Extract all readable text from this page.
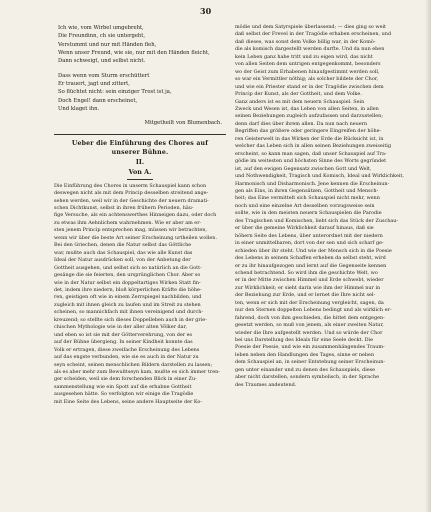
30
Ich wie, vom Wirbel umgebreht,
Die Freundinn, ch sie untergeht,
Verstummt und nur mit Händen fleh,
Wenn unser Freund, wie sie, nur mit den Händen fleicht,
Dann schweigt, und selbst nicht.
Dass wenn vom Sturm erschüttert
Er trauert, jagt und zittert,
So flüchtet nicht: sein einziger Trost ist ja,
Doch Engel! dann erscheinet,
Und klaget ihn.
Mitgetheilt von Blumenbach.
Ueber die Einführung des Chores auf
unserer Bühne.
II.
Von A.
Die Einführung des Chores in unserm Schauspiel kann schon
deswegen nicht als mit dem Princip desselben streitend ange-
sehen werden, weil wir in der Geschichte der neuern dramati-
schen Dichtkunst, selbst in ihren frühern Perioden, häu-
fige Versuche, als ein achtenswerthes Hinneigen dazu, oder doch
zu etwas ihm Aehnlichem wahrnehmen. Wie er aber am er-
sten jenem Princip entsprechen mag, müssen wir betrachten,
wenn wir über die beste Art seiner Erscheinung urtheilen wollen.
Bei den Griechen, denen die Natur selbst das Göttliche
war, mußte auch das Schauspiel, das wie alle Kunst das
Ideal der Natur ausdrücken soll, von der Anbetung der
Gottheit ausgehen, und selbst sich so natürlich an die Gott-
gesänge die sie feierten, den ursprünglichen Chor. Aber so
wie in der Natur selbst ein doppeltartiges Wirken Statt fin-
det, indem ihre niedern, bloß körperlichen Kräfte die höhe-
ren, geistigen oft wie in einem Zerrspiegel nachbilden, und
zugleich mit ihnen gleich zu laufen und im Streit zu stehen
scheinen, so mannichfach mit ihnen vereinigend und durch-
kreuzend; so stellte sich dieses Doppelleben auch in der grie-
chischen Mythologie wie in der aller alten Völker dar,
und eben so ist sie mit der Götterverehrung, von der es
auf der Bühne übergieng. In seiner Kindheit konnte das
Volk er ertragen, diese zweifache Erscheinung des Lebens
auf das engste verbunden, wie sie es auch in der Natur zu
seyn scheint, seinen menschlichen Bildern darstellen zu lassen;
als es aber mehr zum Bewußtseyn kam, mußte es sich immer tren-
ger scheiden, weil sie dem forschenden Blick in einer Zu-
sammenstellung wie ein Spott auf die erhabne Gottheit
ausgesehen hätte. So verfolgten wir einige die Tragödie
mit Eine Seite des Lebens, seine andere Hauptseite der Ko-
mödie und dem Satyrspiele überlassend; — dies ging so weit
daß selbst der Frevel in der Tragödie erhaben erscheinen, und
daß dieses, was sonst dem Volke billig war, in der Komö-
die als komisch dargestellt werden durfte. Und da nun eben
kein Leben ganz habe tritt und zu eigen wird, das nicht
von allen Seiten dem untrigen entgegenkommt, besonders
wo der Geist zum Erhabenen hinaufgestimmt werden soll,
so war ein Vermittler nöthig; als solcher bildete der Chor,
und wie ein Priester stand er in der Tragödie zwischen dem
Princip der Kunst, als der Gottheit, und dem Volke.
Ganz anders ist es mit dem neuern Schauspiel. Sein
Zweck und Wesen ist, das Leben von allen Seiten, in allen
seinen Beziehungen zugleich aufzufassen und darzustellen;
denn darf dies über ihrem allen. Da nun nach neuern
Begriffen das größere oder geringere Eingreifen der höhe-
ren Geisterwelt in das Wirken der Erde die Rücksicht ist, in
welcher das Leben sich in allen seinen Beziehungen zweiseitig
erscheint, so kann man sagen, daß unser Schauspiel auf Tra-
gödie im weitesten und höchsten Sinne des Worts gegründet
ist, auf den ewigen Gegensatz zwischen Gott und Welt,
und Nothwendigkeit, Tragisch und Komisch, Ideal und Wirklichkeit,
Harmonisch und Disharmonisch. Jene kennen die Erscheinun-
gen als Eins, in ihren Gegensätzen, Gottheit und Mensch-
heit; das Eine vermittelt sich Schauspiel nicht mehr, wenn
noch und eine einzelne Art desselben vorzugsweise sein
sollte, wie in den meisten neuern Schauspielen die Parodie
des Tragischen und Komischen, liebt sich das Stück der Zuschau-
er über die gemeine Wirklichkeit darauf hinaus, daß sie
höhern Seite des Lebens, über unterordnet mit der niedern
in einer unmittelbaren, dort von der sen und sich scharf ge-
schieden über ihr steht. Und wie der Mensch sich in die Poesie
des Lebens in seinem Schaffen erheben da selbst steht, wird
er zu ihr hinaufgezogen und lernt auf die Gegenseite kennen
schend betrachtend. So wird ihm die geschichte Welt, wo
er in der Mitte zwischen Himmel und Erde schwebt, wieder
zur Wirklichkeit; er sieht darin wie ihm der Himmel nur in
der Beziehung zur Erde, und er lernet die Ihre nicht sel-
ten, wenn er sich mit der Erscheinung vergleicht, sagen, da
nur den Sternen doppelten Lebens bedingt und als wirklich er-
fahrend, doch von ihm geschieden, die hittet dem entgegen-
gesetzt werden, so muß von jenem, als einer zweiten Natur,
wieder die Ihre aufgestellt werden. Und so würde der Chor
bei uns Darstellung des Ideals für eine Seele deckt. Die
Poesie der Poesie, und wie ein zusammenhängendes Traum-
leben neben den Handlungen des Tages, sinne er neben
dem Schauspiel an, in seiner Entstehung seiner Erscheinun-
gen unter einander und zu denen des Schauspiels, diese
aber nicht darstellen, sondern symbolisch, in der Sprache
des Traumes andeutend.
